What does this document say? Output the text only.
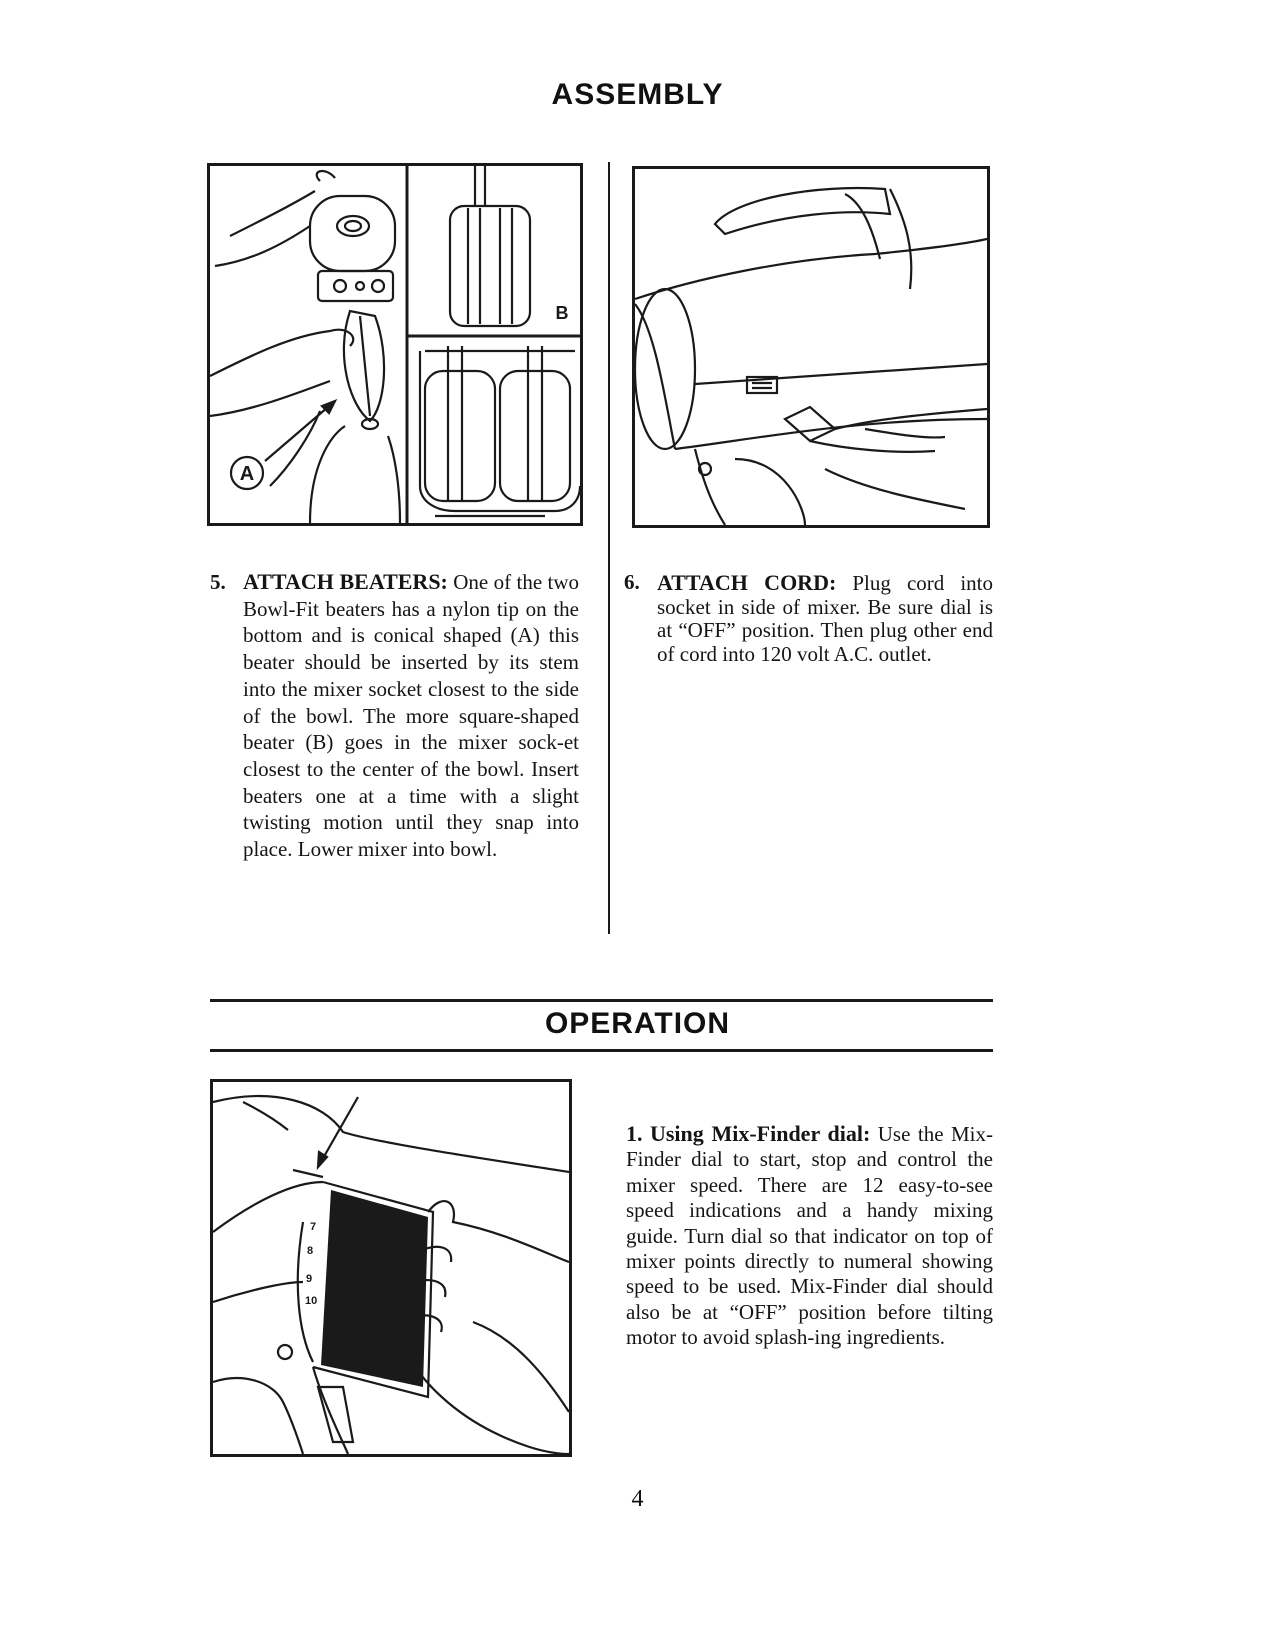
ASSEMBLY
A
B
5. ATTACH BEATERS: One of the two Bowl-Fit beaters has a nylon tip on the bottom and is conical shaped (A) this beater should be inserted by its stem into the mixer socket closest to the side of the bowl. The more square-shaped beater (B) goes in the mixer sock-et closest to the center of the bowl. Insert beaters one at a time with a slight twisting motion until they snap into place. Lower mixer into bowl.
6. ATTACH CORD: Plug cord into socket in side of mixer. Be sure dial is at “OFF” position. Then plug other end of cord into 120 volt A.C. outlet.
OPERATION
7
8
9
10
1. Using Mix-Finder dial: Use the Mix-Finder dial to start, stop and control the mixer speed. There are 12 easy-to-see speed indications and a handy mixing guide. Turn dial so that indicator on top of mixer points directly to numeral showing speed to be used. Mix-Finder dial should also be at “OFF” position before tilting motor to avoid splash-ing ingredients.
4
